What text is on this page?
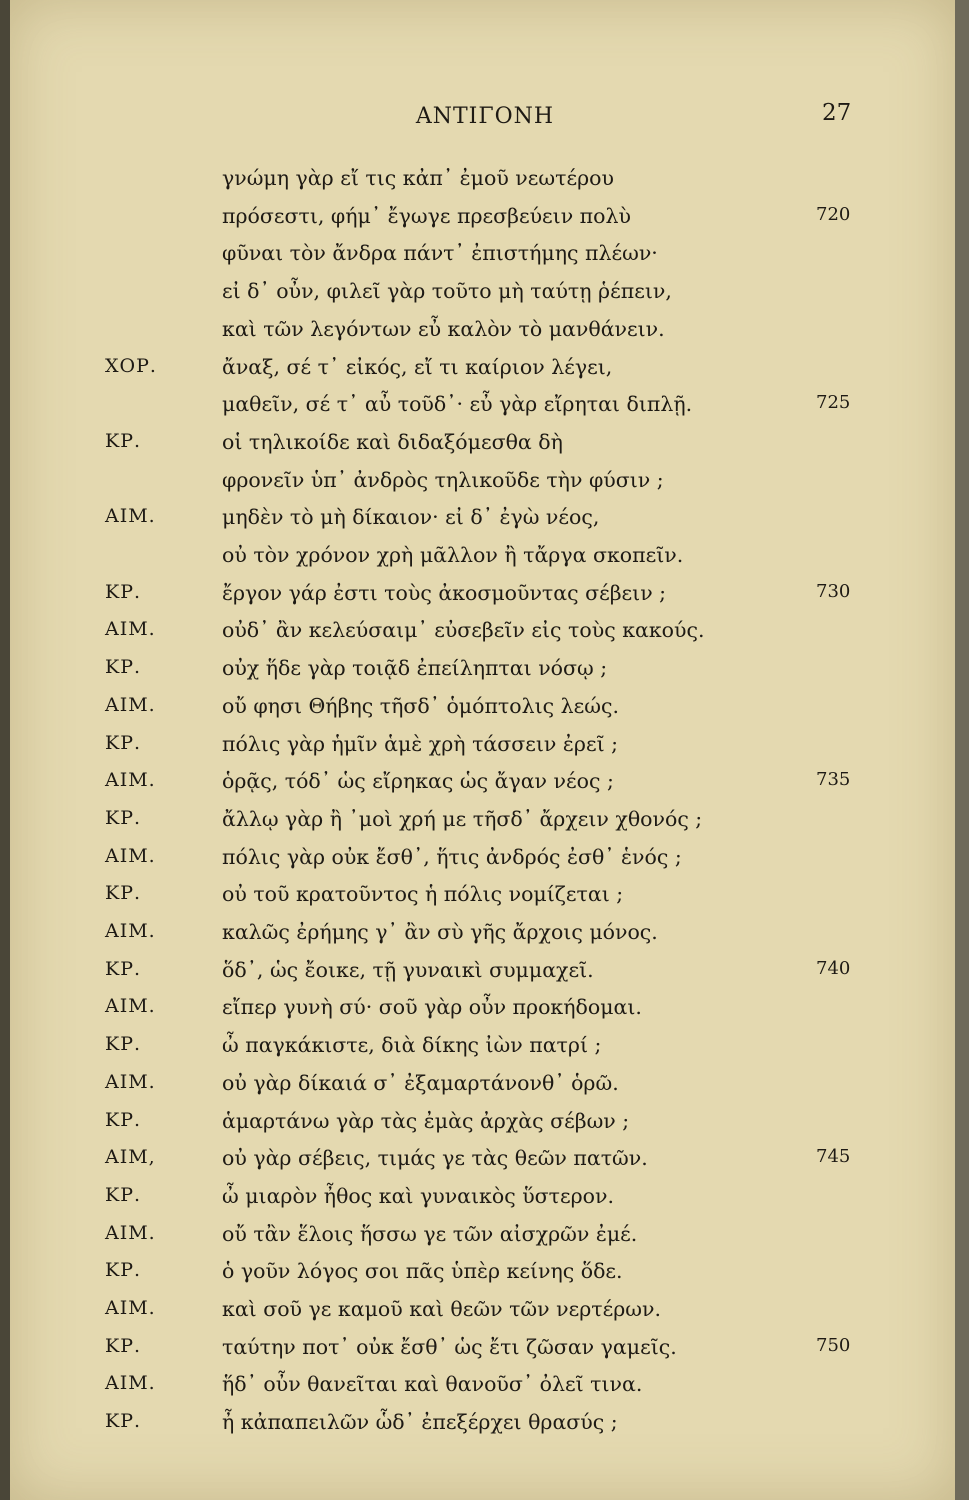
ΑΝΤΙΓΟΝΗ	27
γνώμη γὰρ εἴ τις κἀπ᾽ ἐμοῦ νεωτέρου
πρόσεστι, φήμ᾽ ἔγωγε πρεσβεύειν πολὺ	720
φῦναι τὸν ἄνδρα πάντ᾽ ἐπιστήμης πλέων·
εἰ δ᾽ οὖν, φιλεῖ γὰρ τοῦτο μὴ ταύτῃ ῥέπειν,
καὶ τῶν λεγόντων εὖ καλὸν τὸ μανθάνειν.
ΧΟΡ.	ἄναξ, σέ τ᾽ εἰκός, εἴ τι καίριον λέγει,
μαθεῖν, σέ τ᾽ αὖ τοῦδ᾽· εὖ γὰρ εἴρηται διπλῇ.	725
ΚΡ.	οἱ τηλικοίδε καὶ διδαξόμεσθα δὴ
φρονεῖν ὑπ᾽ ἀνδρὸς τηλικοῦδε τὴν φύσιν ;
ΑΙΜ.	μηδὲν τὸ μὴ δίκαιον· εἰ δ᾽ ἐγὼ νέος,
οὐ τὸν χρόνον χρὴ μᾶλλον ἢ τἄργα σκοπεῖν.
ΚΡ.	ἔργον γάρ ἐστι τοὺς ἀκοσμοῦντας σέβειν ;	730
ΑΙΜ.	οὐδ᾽ ἂν κελεύσαιμ᾽ εὐσεβεῖν εἰς τοὺς κακούς.
ΚΡ.	οὐχ ἥδε γὰρ τοιᾷδ ἐπείληπται νόσῳ ;
ΑΙΜ.	οὔ φησι Θήβης τῆσδ᾽ ὁμόπτολις λεώς.
ΚΡ.	πόλις γὰρ ἡμῖν ἁμὲ χρὴ τάσσειν ἐρεῖ ;
ΑΙΜ.	ὁρᾷς, τόδ᾽ ὡς εἴρηκας ὡς ἄγαν νέος ;	735
ΚΡ.	ἄλλῳ γὰρ ἢ ᾿μοὶ χρή με τῆσδ᾽ ἄρχειν χθονός ;
ΑΙΜ.	πόλις γὰρ οὐκ ἔσθ᾽, ἥτις ἀνδρός ἐσθ᾽ ἑνός ;
ΚΡ.	οὐ τοῦ κρατοῦντος ἡ πόλις νομίζεται ;
ΑΙΜ.	καλῶς ἐρήμης γ᾽ ἂν σὺ γῆς ἄρχοις μόνος.
ΚΡ.	ὅδ᾽, ὡς ἔοικε, τῇ γυναικὶ συμμαχεῖ.	740
ΑΙΜ.	εἴπερ γυνὴ σύ· σοῦ γὰρ οὖν προκήδομαι.
ΚΡ.	ὦ παγκάκιστε, διὰ δίκης ἰὼν πατρί ;
ΑΙΜ.	οὐ γὰρ δίκαιά σ᾽ ἐξαμαρτάνονθ᾽ ὁρῶ.
ΚΡ.	ἁμαρτάνω γὰρ τὰς ἐμὰς ἀρχὰς σέβων ;
ΑΙΜ,	οὐ γὰρ σέβεις, τιμάς γε τὰς θεῶν πατῶν.	745
ΚΡ.	ὦ μιαρὸν ἦθος καὶ γυναικὸς ὕστερον.
ΑΙΜ.	οὔ τἂν ἕλοις ἥσσω γε τῶν αἰσχρῶν ἐμέ.
ΚΡ.	ὁ γοῦν λόγος σοι πᾶς ὑπὲρ κείνης ὅδε.
ΑΙΜ.	καὶ σοῦ γε καμοῦ καὶ θεῶν τῶν νερτέρων.
ΚΡ.	ταύτην ποτ᾽ οὐκ ἔσθ᾽ ὡς ἔτι ζῶσαν γαμεῖς.	750
ΑΙΜ.	ἥδ᾽ οὖν θανεῖται καὶ θανοῦσ᾽ ὀλεῖ τινα.
ΚΡ.	ἦ κἀπαπειλῶν ὧδ᾽ ἐπεξέρχει θρασύς ;
